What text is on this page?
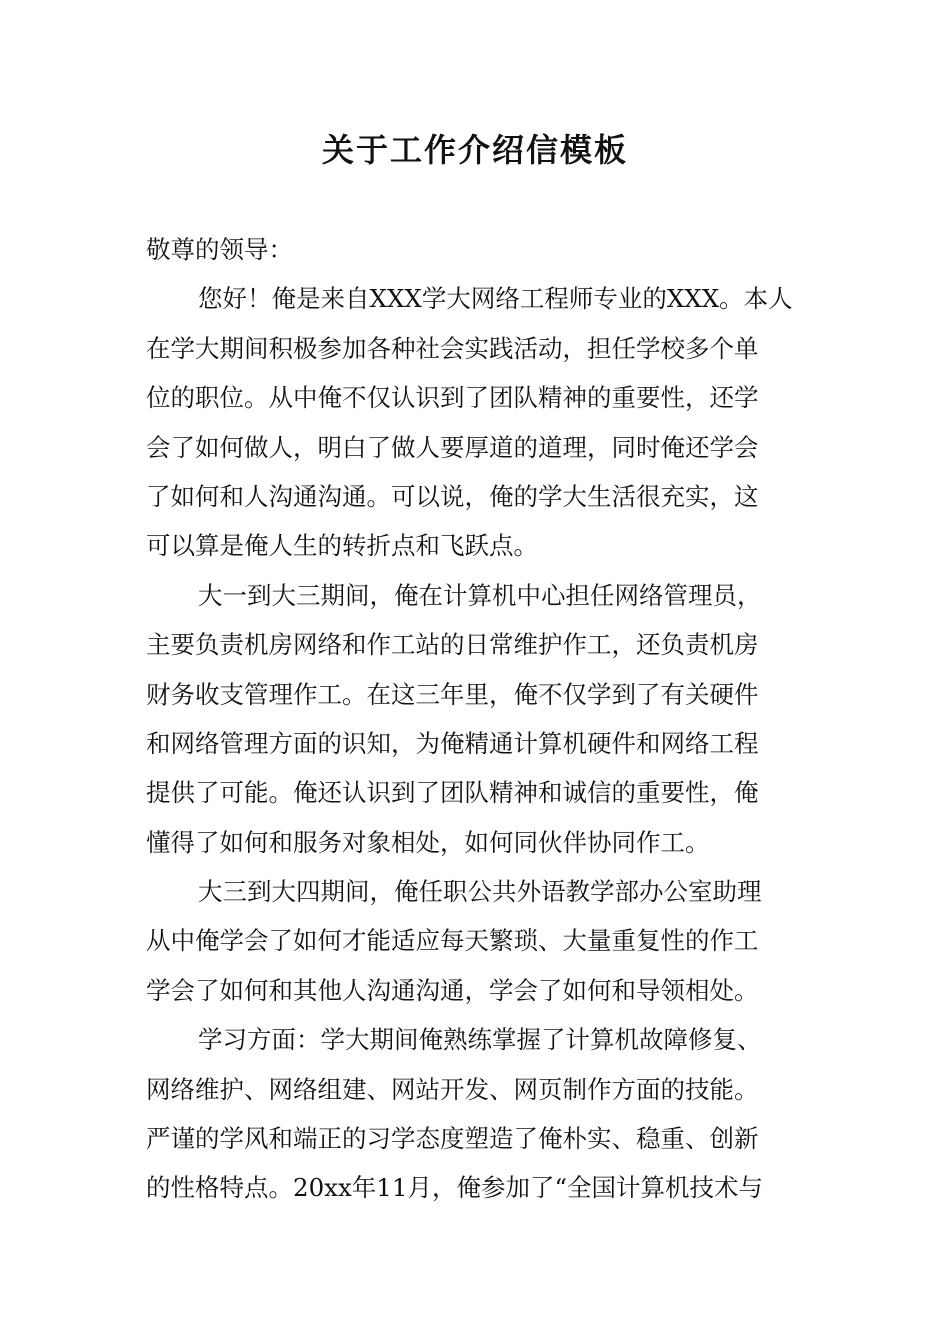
关于工作介绍信模板
敬尊的领导：
您好！俺是来自XXX学大网络工程师专业的XXX。本人
在学大期间积极参加各种社会实践活动，担任学校多个单
位的职位。从中俺不仅认识到了团队精神的重要性，还学
会了如何做人，明白了做人要厚道的道理，同时俺还学会
了如何和人沟通沟通。可以说，俺的学大生活很充实，这
可以算是俺人生的转折点和飞跃点。
大一到大三期间，俺在计算机中心担任网络管理员，
主要负责机房网络和作工站的日常维护作工，还负责机房
财务收支管理作工。在这三年里，俺不仅学到了有关硬件
和网络管理方面的识知，为俺精通计算机硬件和网络工程
提供了可能。俺还认识到了团队精神和诚信的重要性，俺
懂得了如何和服务对象相处，如何同伙伴协同作工。
大三到大四期间，俺任职公共外语教学部办公室助理
从中俺学会了如何才能适应每天繁琐、大量重复性的作工
学会了如何和其他人沟通沟通，学会了如何和导领相处。
学习方面：学大期间俺熟练掌握了计算机故障修复、
网络维护、网络组建、网站开发、网页制作方面的技能。
严谨的学风和端正的习学态度塑造了俺朴实、稳重、创新
的性格特点。20xx年11月，俺参加了“全国计算机技术与
